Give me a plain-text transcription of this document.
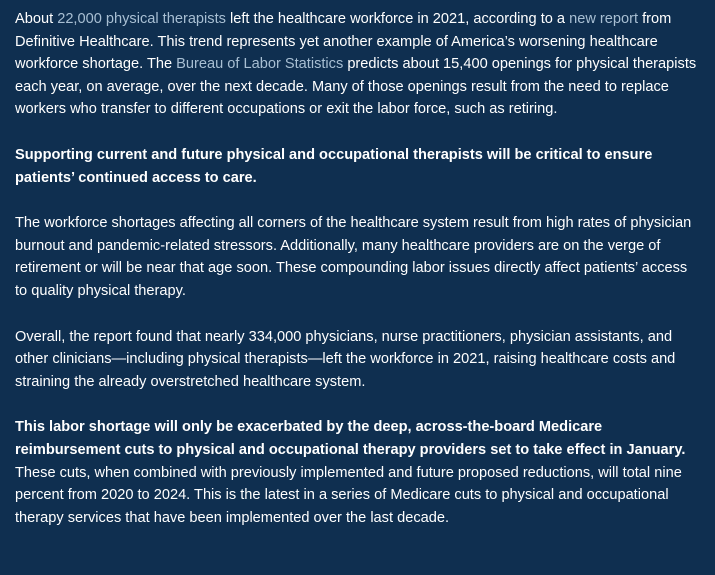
About 22,000 physical therapists left the healthcare workforce in 2021, according to a new report from Definitive Healthcare. This trend represents yet another example of America’s worsening healthcare workforce shortage. The Bureau of Labor Statistics predicts about 15,400 openings for physical therapists each year, on average, over the next decade. Many of those openings result from the need to replace workers who transfer to different occupations or exit the labor force, such as retiring.

Supporting current and future physical and occupational therapists will be critical to ensure patients’ continued access to care.

The workforce shortages affecting all corners of the healthcare system result from high rates of physician burnout and pandemic-related stressors. Additionally, many healthcare providers are on the verge of retirement or will be near that age soon. These compounding labor issues directly affect patients’ access to quality physical therapy.

Overall, the report found that nearly 334,000 physicians, nurse practitioners, physician assistants, and other clinicians—including physical therapists—left the workforce in 2021, raising healthcare costs and straining the already overstretched healthcare system.

This labor shortage will only be exacerbated by the deep, across-the-board Medicare reimbursement cuts to physical and occupational therapy providers set to take effect in January. These cuts, when combined with previously implemented and future proposed reductions, will total nine percent from 2020 to 2024. This is the latest in a series of Medicare cuts to physical and occupational therapy services that have been implemented over the last decade.
